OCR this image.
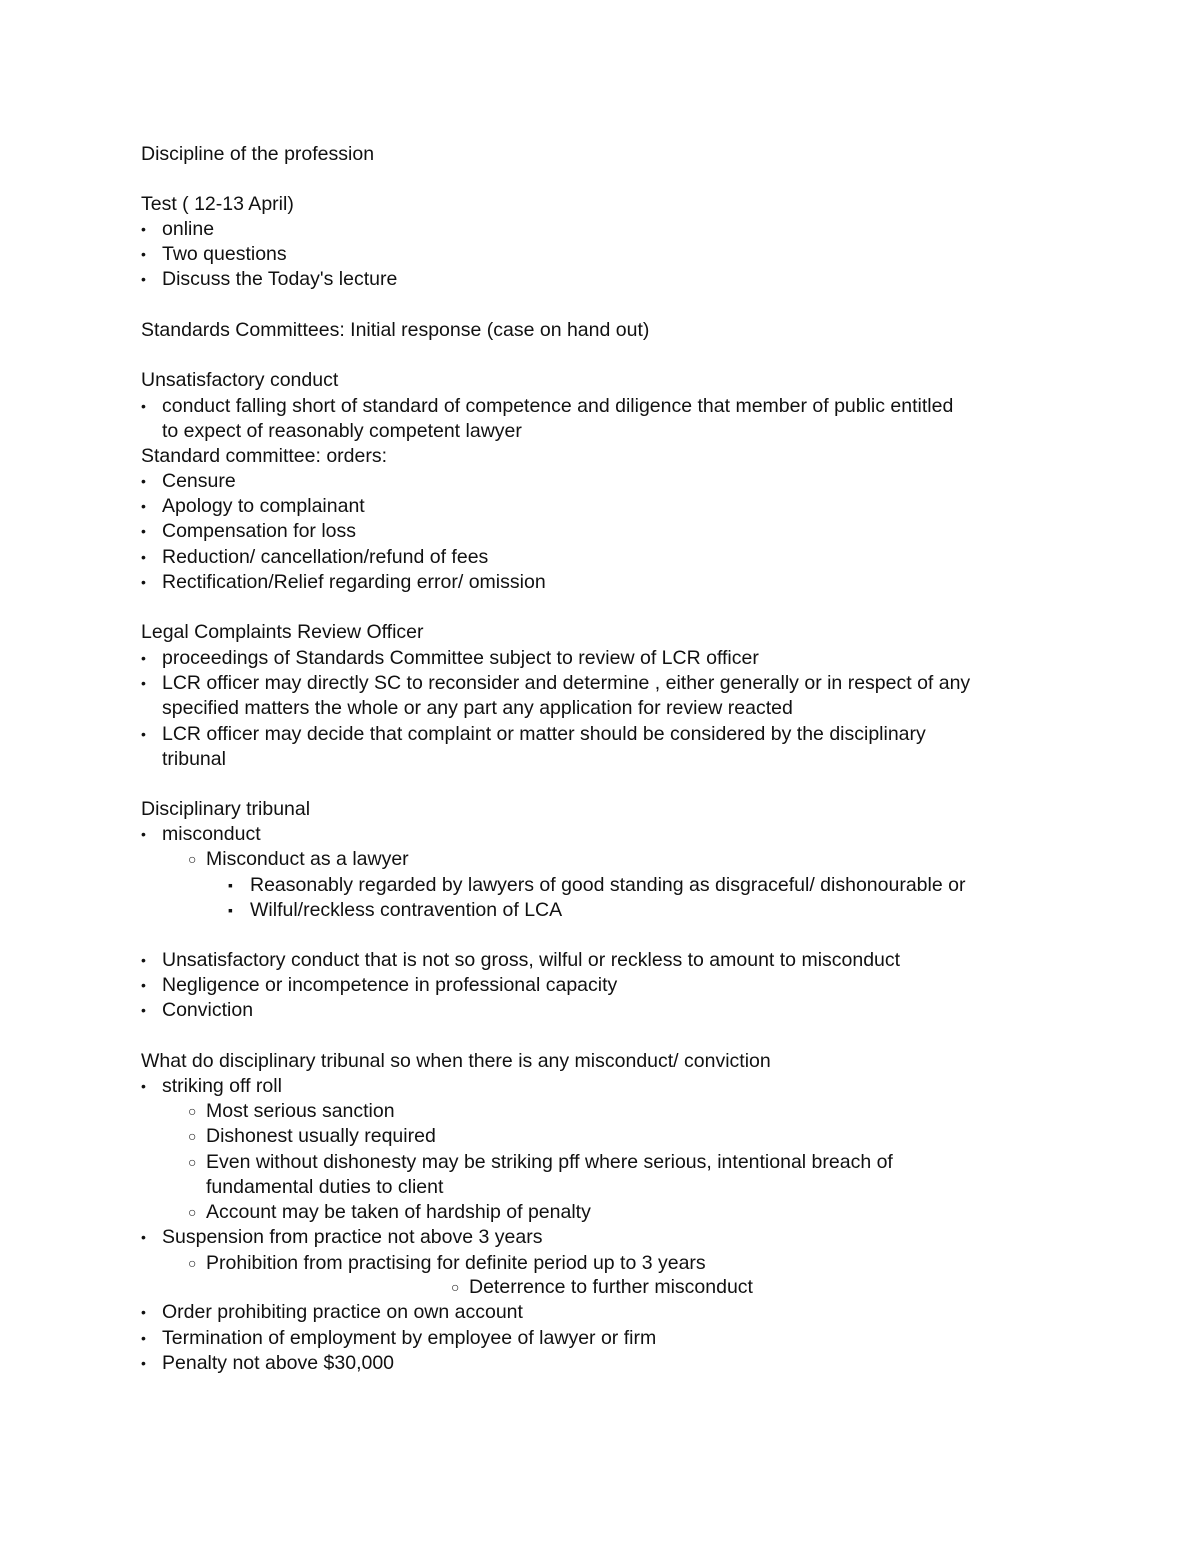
Discipline of the profession
Test ( 12-13 April)
• online
• Two questions
• Discuss the Today's lecture
Standards Committees: Initial response (case on hand out)
Unsatisfactory conduct
• conduct falling short of standard of competence and diligence that member of public entitled
to expect of reasonably competent lawyer
Standard committee: orders:
• Censure
• Apology to complainant
• Compensation for loss
• Reduction/ cancellation/refund of fees
• Rectification/Relief regarding error/ omission
Legal Complaints Review Officer
• proceedings of Standards Committee subject to review of LCR officer
• LCR officer may directly SC to reconsider and determine , either generally or in respect of any
specified matters the whole or any part any application for review reacted
• LCR officer may decide that complaint or matter should be considered by the disciplinary
tribunal
Disciplinary tribunal
• misconduct
○ Misconduct as a lawyer
▪ Reasonably regarded by lawyers of good standing as disgraceful/ dishonourable or
▪ Wilful/reckless contravention of LCA
• Unsatisfactory conduct that is not so gross, wilful or reckless to amount to misconduct
• Negligence or incompetence in professional capacity
• Conviction
What do disciplinary tribunal so when there is any misconduct/ conviction
• striking off roll
○ Most serious sanction
○ Dishonest usually required
○ Even without dishonesty may be striking pff where serious, intentional breach of
fundamental duties to client
○ Account may be taken of hardship of penalty
• Suspension from practice not above 3 years
○ Prohibition from practising for definite period up to 3 years
○ Deterrence to further misconduct
• Order prohibiting practice on own account
• Termination of employment by employee of lawyer or firm
• Penalty not above $30,000
